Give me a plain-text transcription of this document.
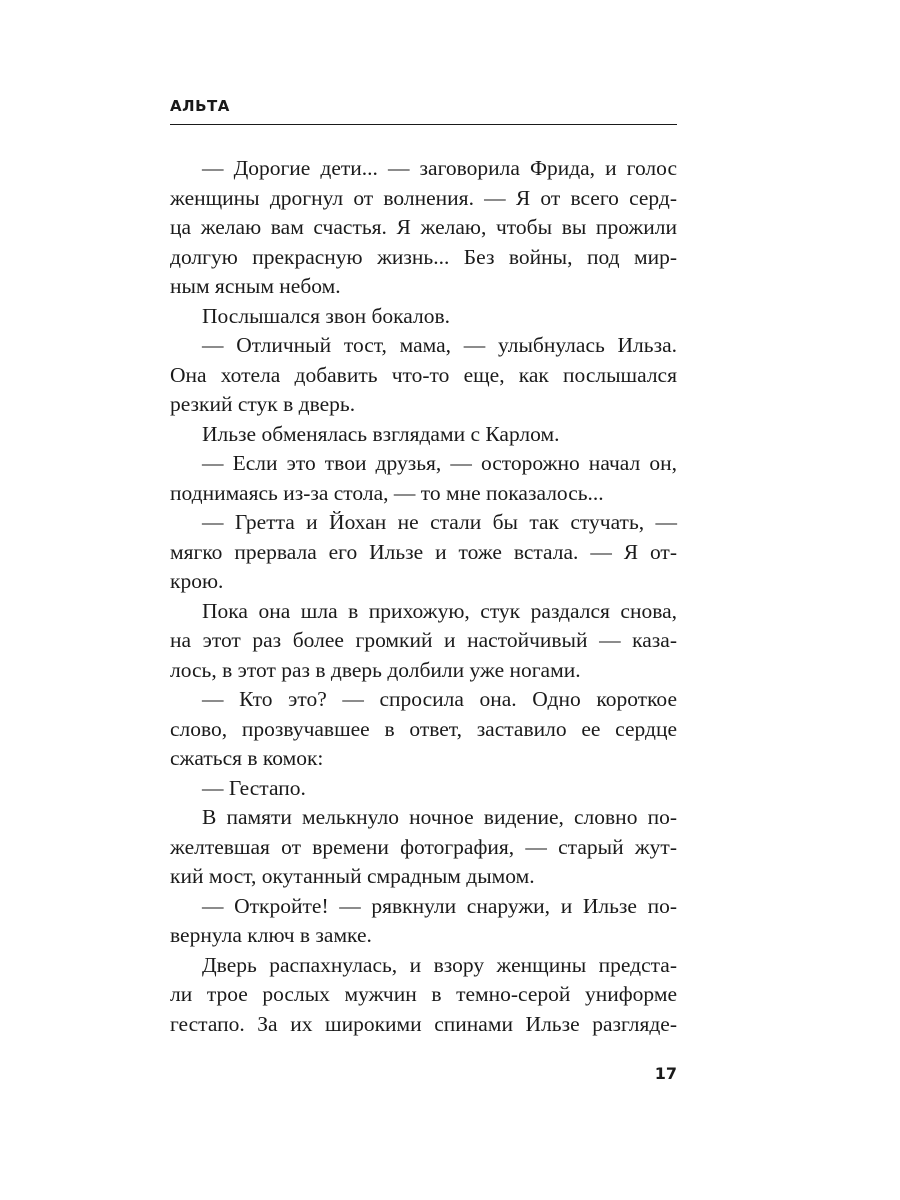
АЛЬТА
— Дорогие дети... — заговорила Фрида, и голос
женщины дрогнул от волнения. — Я от всего серд-
ца желаю вам счастья. Я желаю, чтобы вы прожили
долгую прекрасную жизнь... Без войны, под мир-
ным ясным небом.
Послышался звон бокалов.
— Отличный тост, мама, — улыбнулась Ильза.
Она хотела добавить что-то еще, как послышался
резкий стук в дверь.
Ильзе обменялась взглядами с Карлом.
— Если это твои друзья, — осторожно начал он,
поднимаясь из-за стола, — то мне показалось...
— Гретта и Йохан не стали бы так стучать, —
мягко прервала его Ильзе и тоже встала. — Я от-
крою.
Пока она шла в прихожую, стук раздался снова,
на этот раз более громкий и настойчивый — каза-
лось, в этот раз в дверь долбили уже ногами.
— Кто это? — спросила она. Одно короткое
слово, прозвучавшее в ответ, заставило ее сердце
сжаться в комок:
— Гестапо.
В памяти мелькнуло ночное видение, словно по-
желтевшая от времени фотография, — старый жут-
кий мост, окутанный смрадным дымом.
— Откройте! — рявкнули снаружи, и Ильзе по-
вернула ключ в замке.
Дверь распахнулась, и взору женщины предста-
ли трое рослых мужчин в темно-серой униформе
гестапо. За их широкими спинами Ильзе разгляде-
17
